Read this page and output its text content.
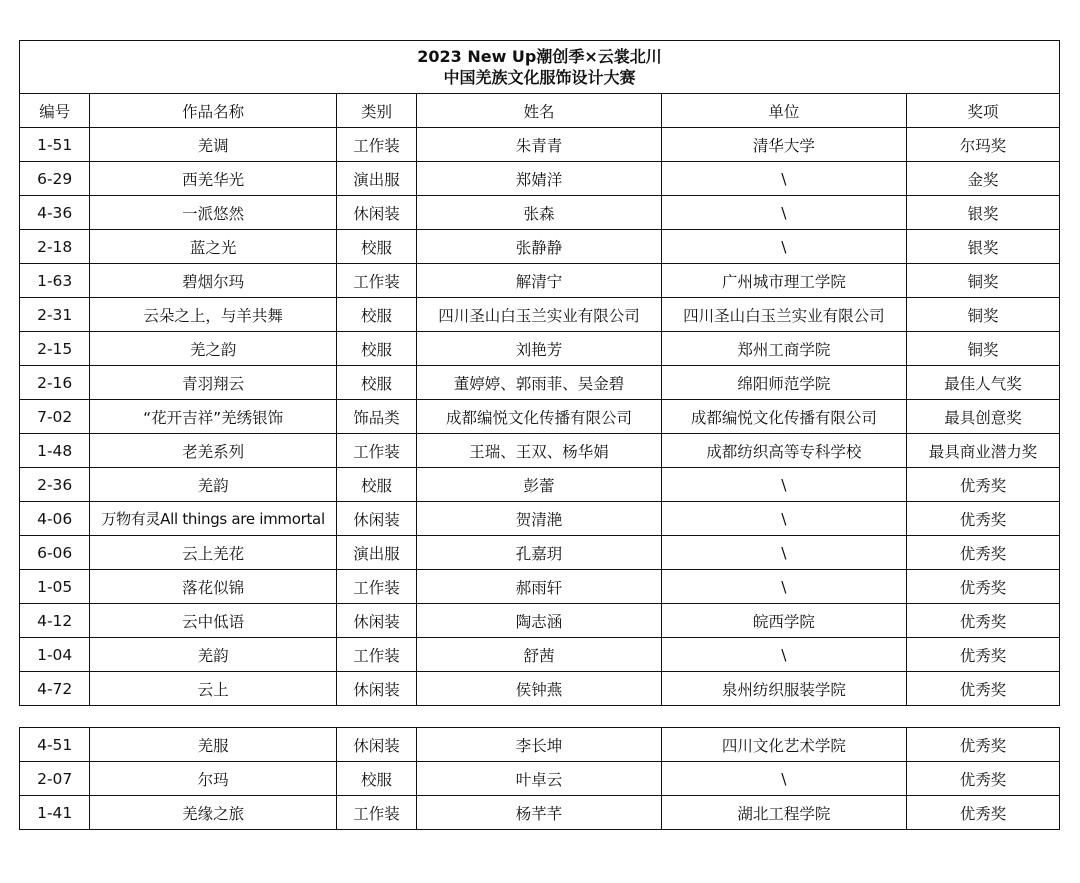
2023 New Up潮创季×云裳北川
中国羌族文化服饰设计大赛					

编号	作品名称	类别	姓名	单位	奖项
1-51	羌调	工作装	朱青青	清华大学	尔玛奖
6-29	西羌华光	演出服	郑婧洋	\	金奖
4-36	一派悠然	休闲装	张森	\	银奖
2-18	蓝之光	校服	张静静	\	银奖
1-63	碧烟尔玛	工作装	解清宁	广州城市理工学院	铜奖
2-31	云朵之上，与羊共舞	校服	四川圣山白玉兰实业有限公司	四川圣山白玉兰实业有限公司	铜奖
2-15	羌之韵	校服	刘艳芳	郑州工商学院	铜奖
2-16	青羽翔云	校服	董婷婷、郭雨菲、吴金碧	绵阳师范学院	最佳人气奖
7-02	“花开吉祥”羌绣银饰	饰品类	成都编悦文化传播有限公司	成都编悦文化传播有限公司	最具创意奖
1-48	老羌系列	工作装	王瑞、王双、杨华娟	成都纺织高等专科学校	最具商业潜力奖
2-36	羌韵	校服	彭蕾	\	优秀奖
4-06	万物有灵All things are immortal	休闲装	贺清滟	\	优秀奖
6-06	云上羌花	演出服	孔嘉玥	\	优秀奖
1-05	落花似锦	工作装	郝雨轩	\	优秀奖
4-12	云中低语	休闲装	陶志涵	皖西学院	优秀奖
1-04	羌韵	工作装	舒茜	\	优秀奖
4-72	云上	休闲装	侯钟燕	泉州纺织服装学院	优秀奖
4-51	羌服	休闲装	李长坤	四川文化艺术学院	优秀奖
2-07	尔玛	校服	叶卓云	\	优秀奖
1-41	羌缘之旅	工作装	杨芊芊	湖北工程学院	优秀奖
